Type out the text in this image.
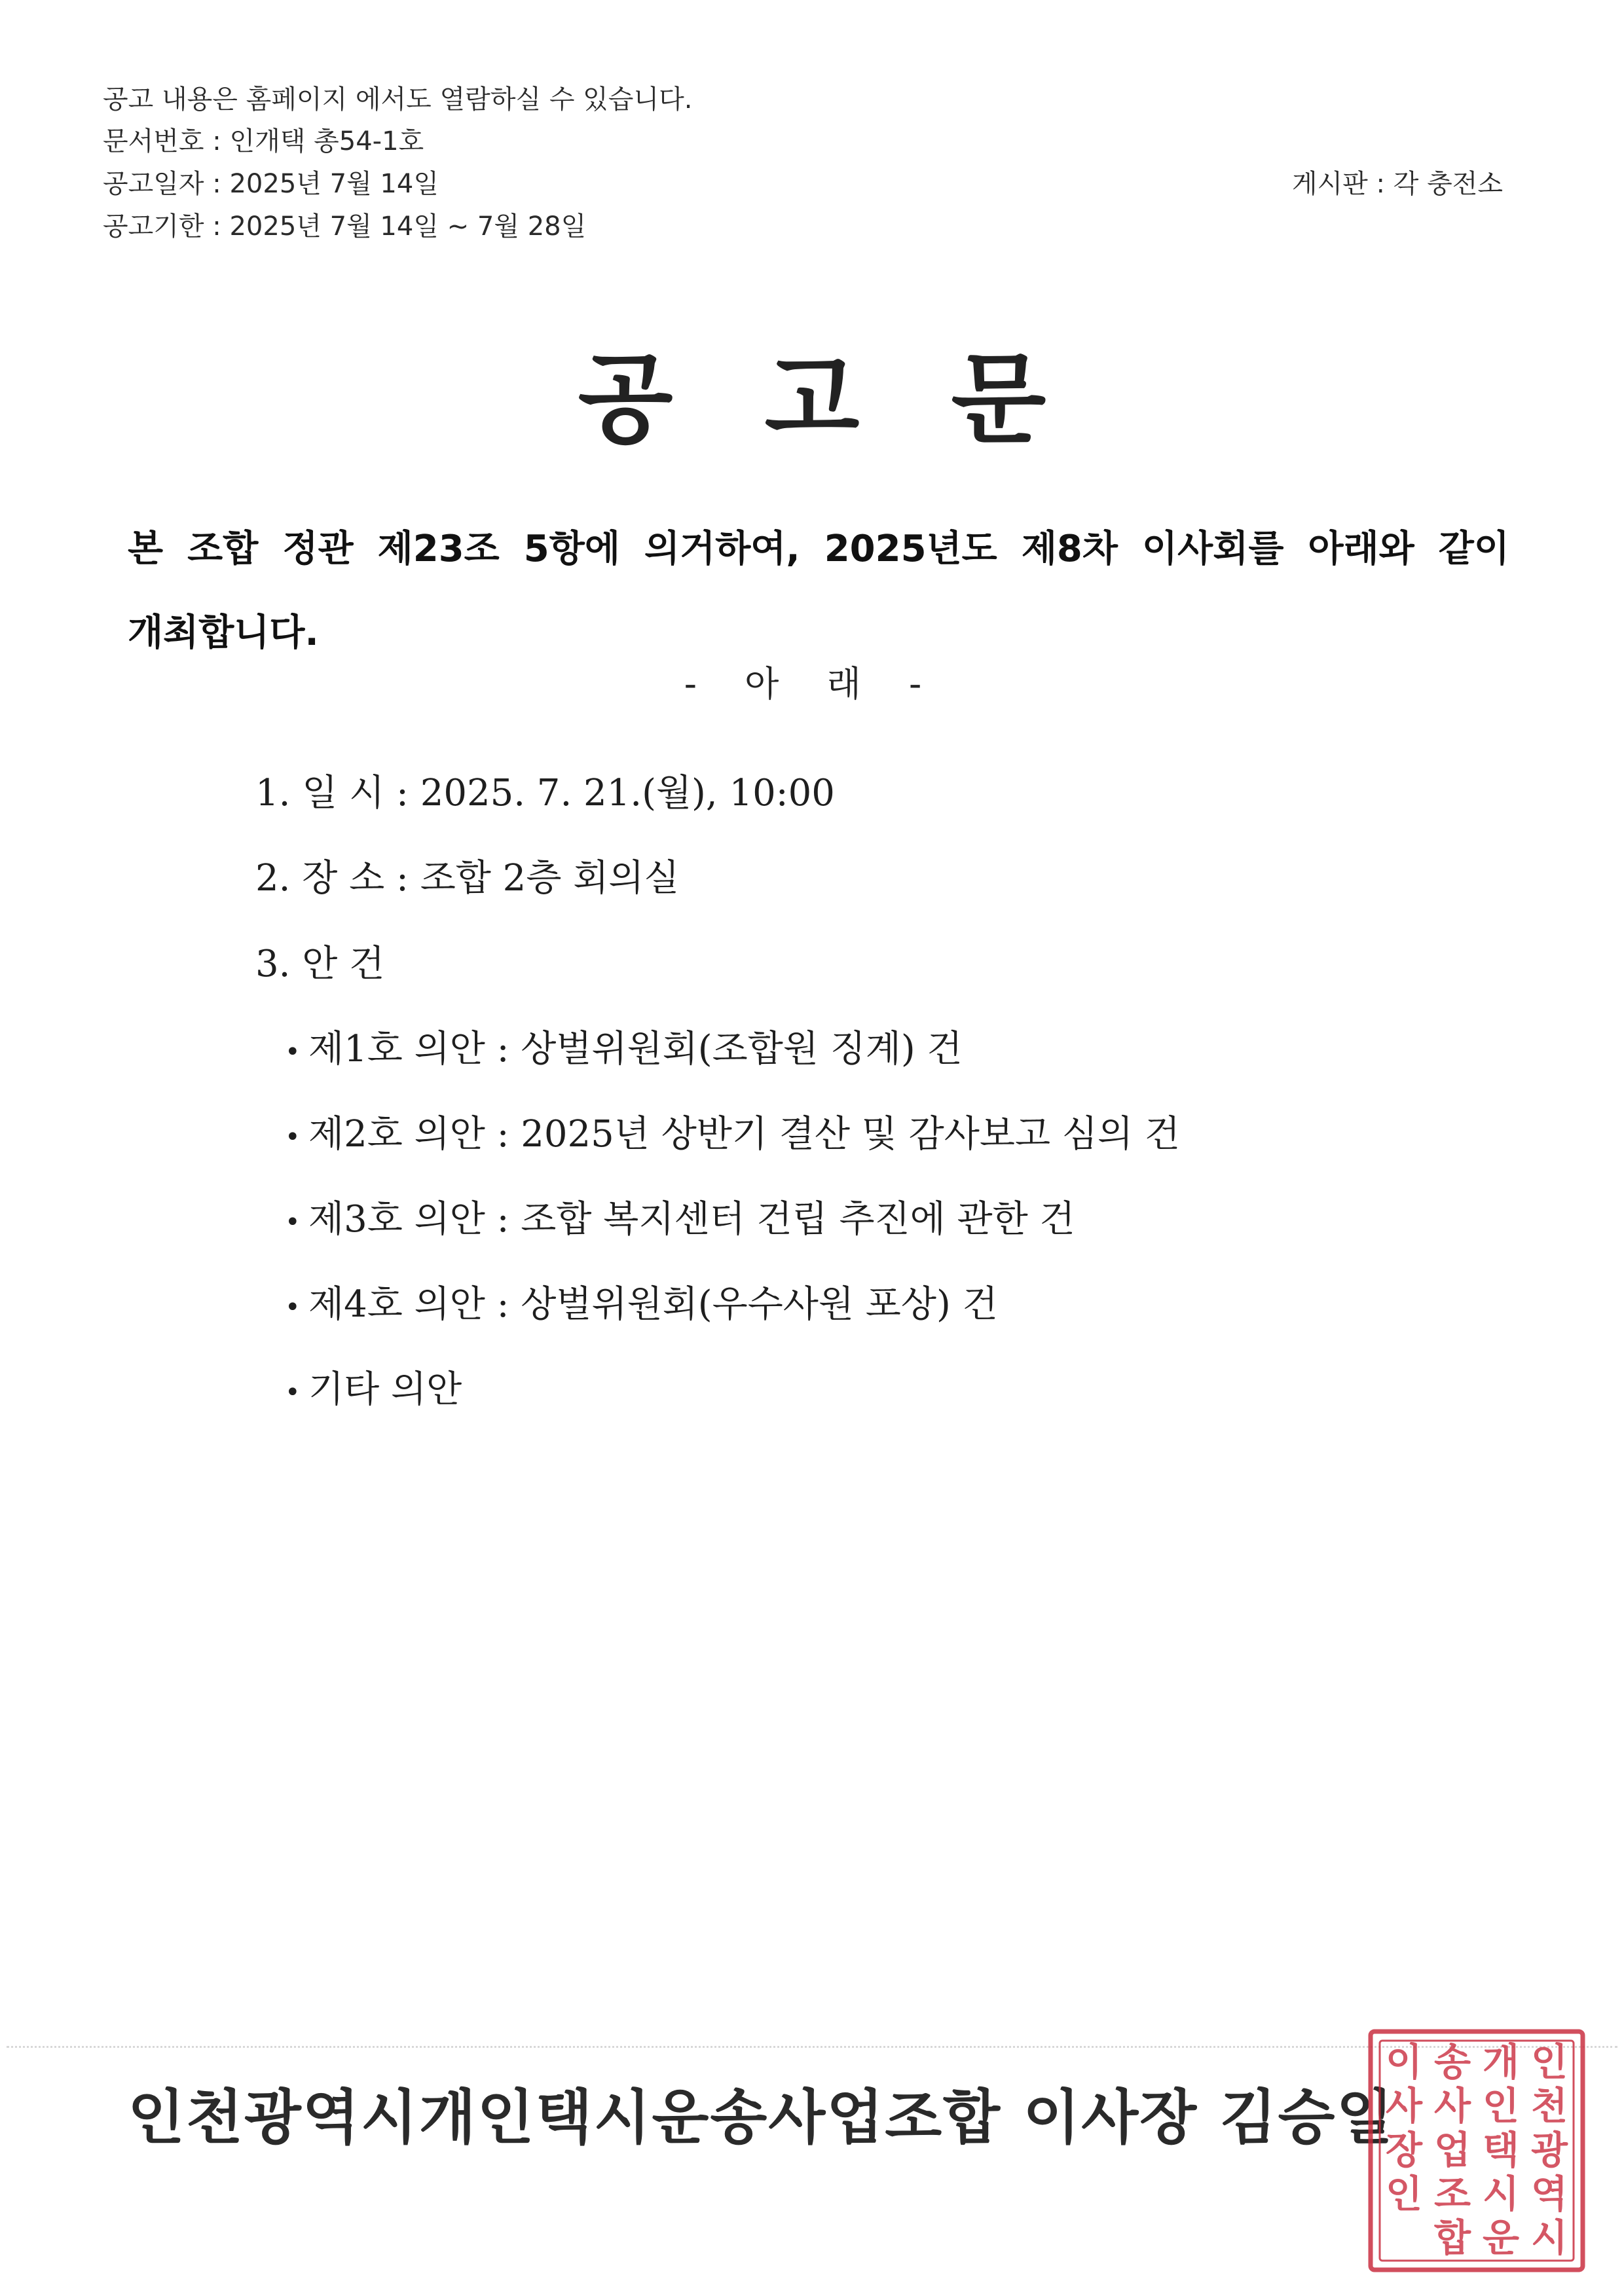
공고 내용은 홈페이지 에서도 열람하실 수 있습니다.
문서번호 : 인개택 총54-1호
공고일자 : 2025년 7월 14일
공고기한 : 2025년 7월 14일 ~ 7월 28일
게시판 : 각 충전소
공고문
본 조합 정관 제23조 5항에 의거하여, 2025년도 제8차 이사회를 아래와 같이 개최합니다.
- 아 래 -
1. 일 시 : 2025. 7. 21.(월), 10:00
2. 장 소 : 조합 2층 회의실
3. 안 건
• 제1호 의안 : 상벌위원회(조합원 징계) 건
• 제2호 의안 : 2025년 상반기 결산 및 감사보고 심의 건
• 제3호 의안 : 조합 복지센터 건립 추진에 관한 건
• 제4호 의안 : 상벌위원회(우수사원 포상) 건
• 기타 의안
인천광역시개인택시운송사업조합 이사장 김승일
이
사
장
인
송
사
업
조
합
개
인
택
시
운
인
천
광
역
시
